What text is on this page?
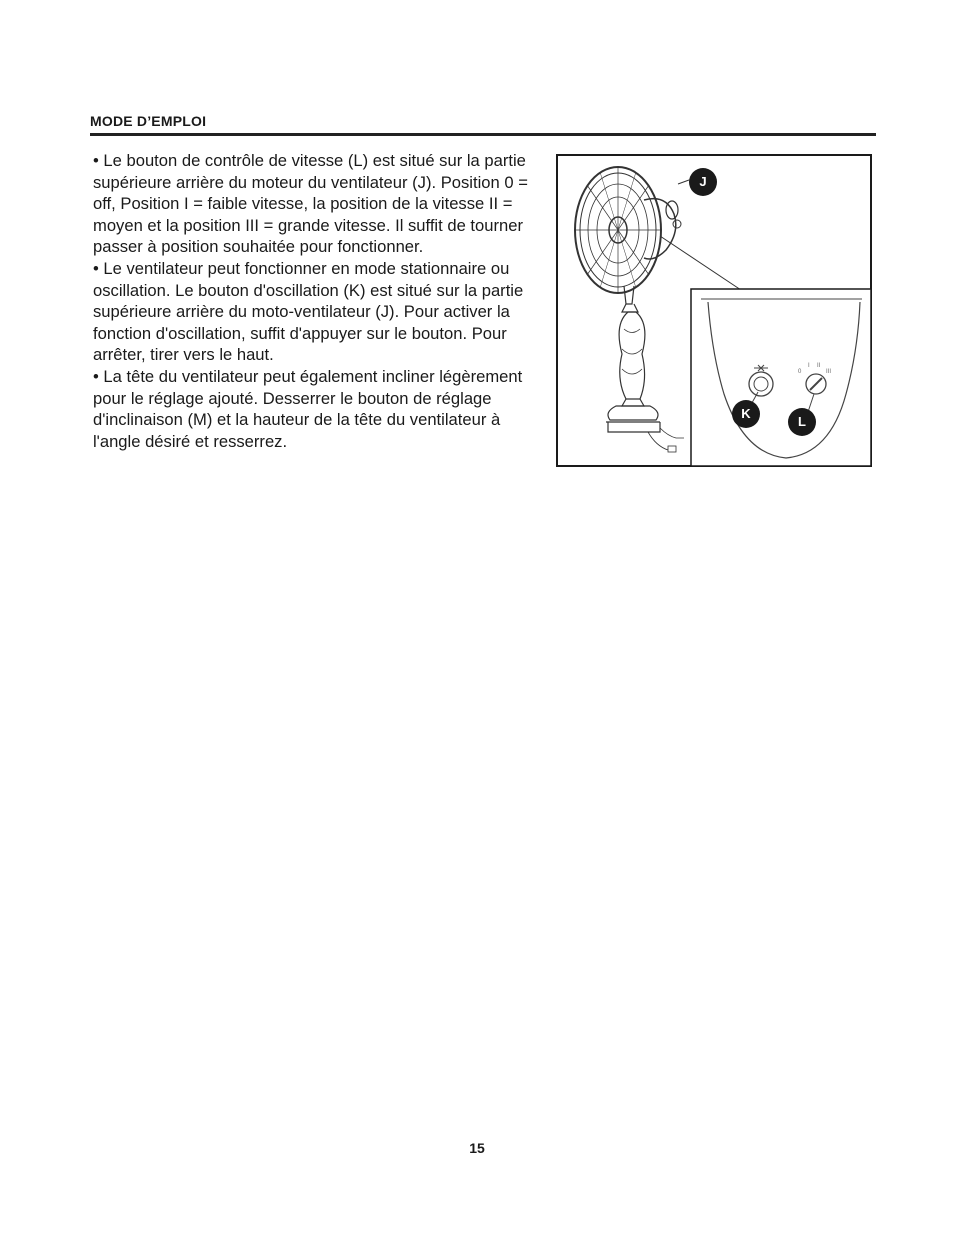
MODE D’EMPLOI

• Le bouton de contrôle de vitesse (L) est situé sur la partie supérieure arrière du moteur du ventilateur (J). Position 0 = off, Position I = faible vitesse, la position de la vitesse II = moyen et la position III = grande vitesse. Il suffit de tourner passer à position souhaitée pour fonctionner.

• Le ventilateur peut fonctionner en mode stationnaire ou oscillation. Le bouton d'oscillation (K) est situé sur la partie supérieure arrière du moto-ventilateur (J). Pour activer la fonction d'oscillation, suffit d'appuyer sur le bouton. Pour arrêter, tirer vers le haut.

• La tête du ventilateur peut également incliner légèrement pour le réglage ajouté. Desserrer le bouton de réglage d'inclinaison (M) et la hauteur de la tête du ventilateur à l'angle désiré et resserrez.

0
I II
III
J
K
L
15
